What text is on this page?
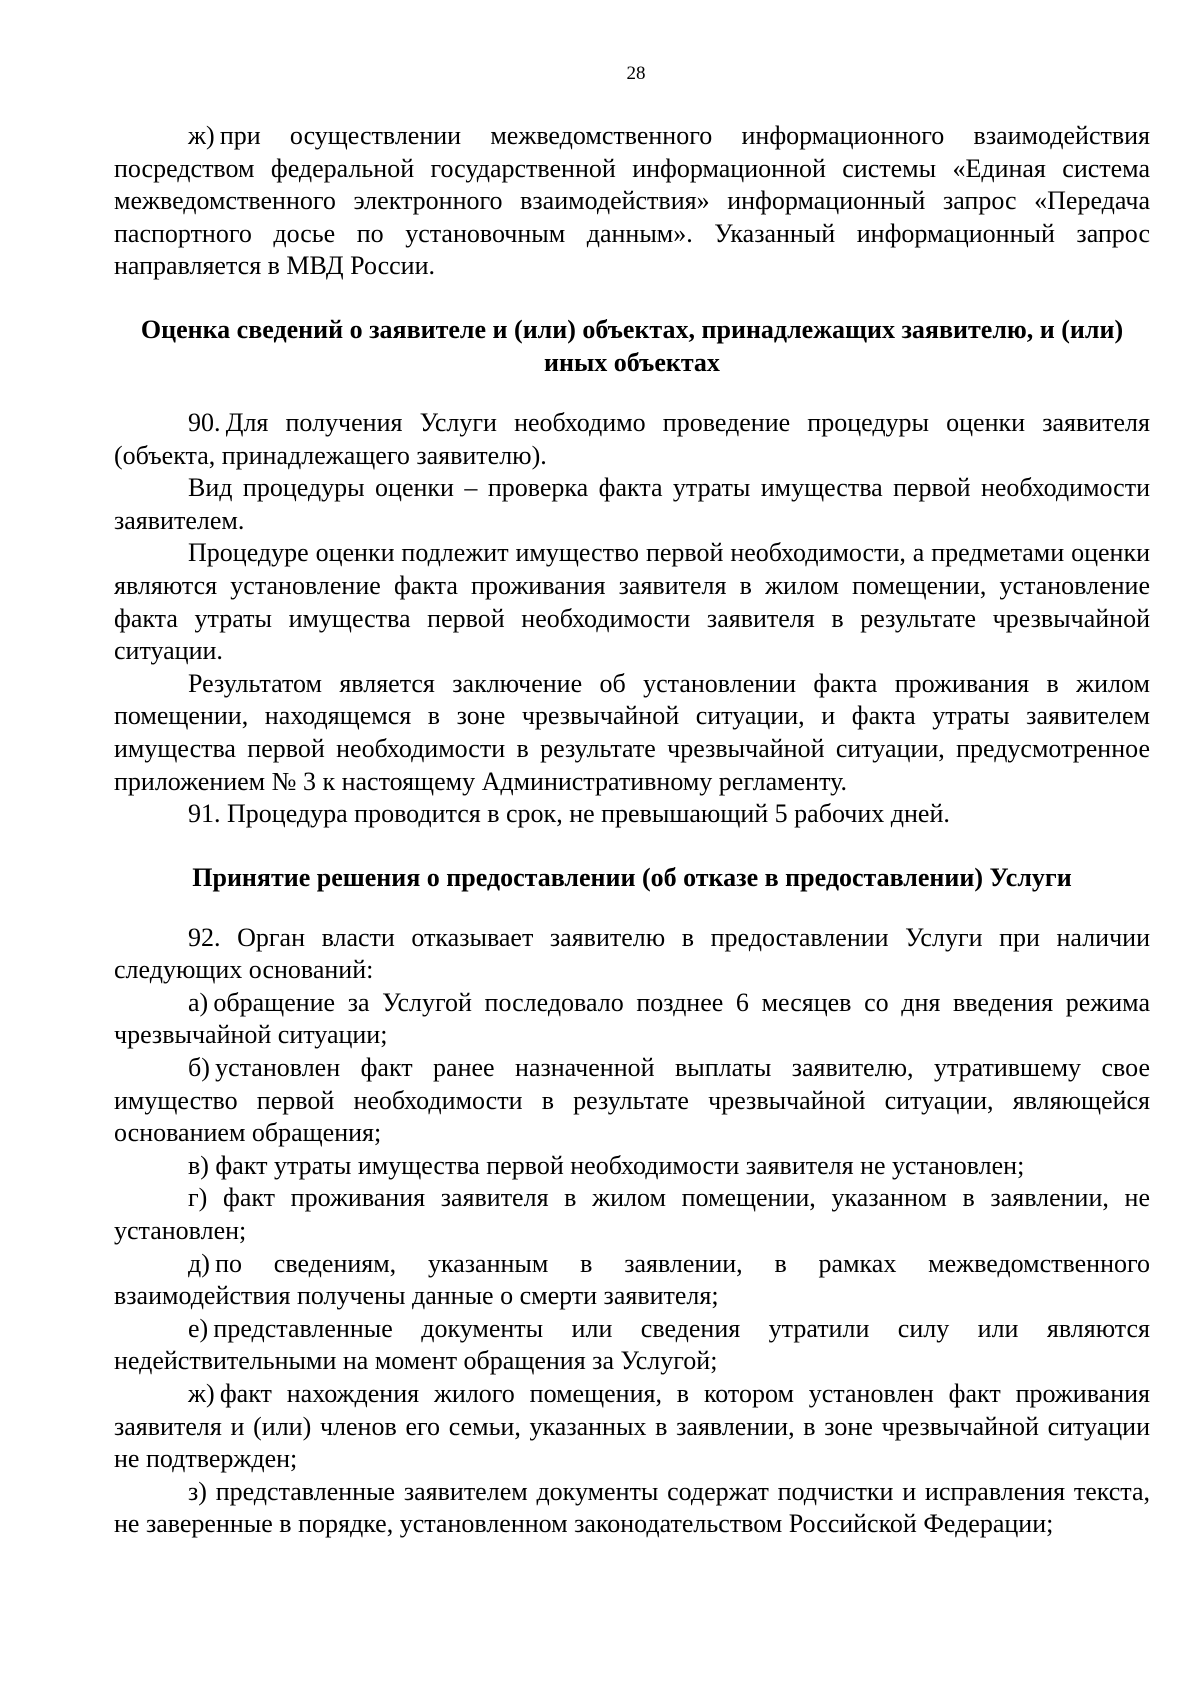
28

ж) при осуществлении межведомственного информационного взаимодействия посредством федеральной государственной информационной системы «Единая система межведомственного электронного взаимодействия» информационный запрос «Передача паспортного досье по установочным данным». Указанный информационный запрос направляется в МВД России.

Оценка сведений о заявителе и (или) объектах, принадлежащих заявителю, и (или) иных объектах

90. Для получения Услуги необходимо проведение процедуры оценки заявителя (объекта, принадлежащего заявителю).

Вид процедуры оценки – проверка факта утраты имущества первой необходимости заявителем.

Процедуре оценки подлежит имущество первой необходимости, а предметами оценки являются установление факта проживания заявителя в жилом помещении, установление факта утраты имущества первой необходимости заявителя в результате чрезвычайной ситуации.

Результатом является заключение об установлении факта проживания в жилом помещении, находящемся в зоне чрезвычайной ситуации, и факта утраты заявителем имущества первой необходимости в результате чрезвычайной ситуации, предусмотренное приложением № 3 к настоящему Административному регламенту.

91. Процедура проводится в срок, не превышающий 5 рабочих дней.

Принятие решения о предоставлении (об отказе в предоставлении) Услуги

92. Орган власти отказывает заявителю в предоставлении Услуги при наличии следующих оснований:

а) обращение за Услугой последовало позднее 6 месяцев со дня введения режима чрезвычайной ситуации;

б) установлен факт ранее назначенной выплаты заявителю, утратившему свое имущество первой необходимости в результате чрезвычайной ситуации, являющейся основанием обращения;

в) факт утраты имущества первой необходимости заявителя не установлен;

г) факт проживания заявителя в жилом помещении, указанном в заявлении, не установлен;

д) по сведениям, указанным в заявлении, в рамках межведомственного взаимодействия получены данные о смерти заявителя;

е) представленные документы или сведения утратили силу или являются недействительными на момент обращения за Услугой;

ж) факт нахождения жилого помещения, в котором установлен факт проживания заявителя и (или) членов его семьи, указанных в заявлении, в зоне чрезвычайной ситуации не подтвержден;

з) представленные заявителем документы содержат подчистки и исправления текста, не заверенные в порядке, установленном законодательством Российской Федерации;
